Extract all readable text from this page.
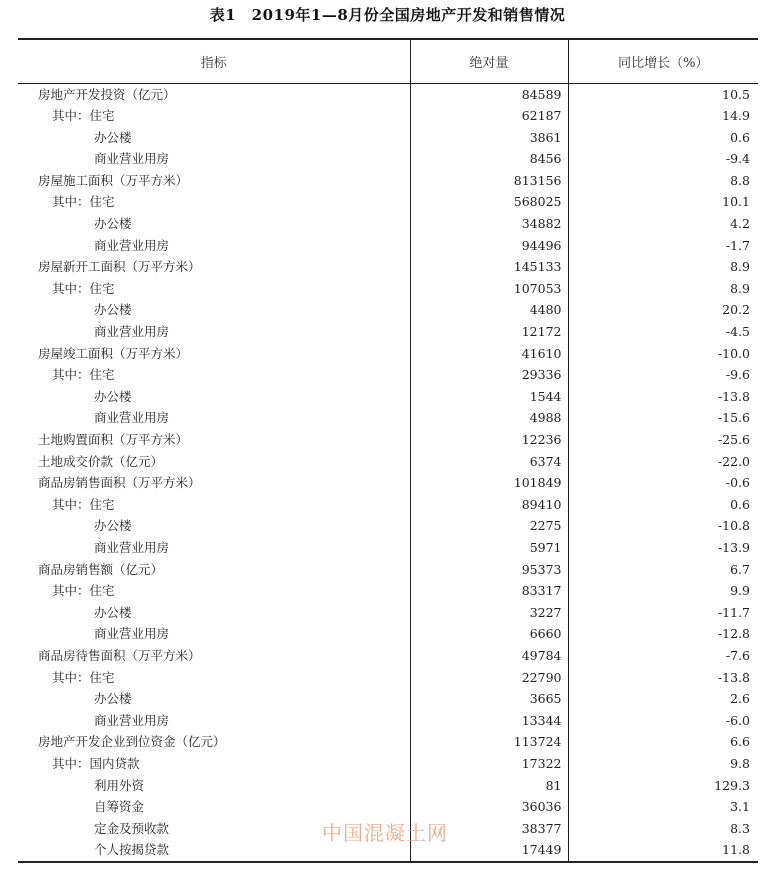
表1　2019年1—8月份全国房地产开发和销售情况
指标	绝对量	同比增长（%）
房地产开发投资（亿元）	84589	10.5
其中：住宅	62187	14.9
办公楼	3861	0.6
商业营业用房	8456	-9.4
房屋施工面积（万平方米）	813156	8.8
其中：住宅	568025	10.1
办公楼	34882	4.2
商业营业用房	94496	-1.7
房屋新开工面积（万平方米）	145133	8.9
其中：住宅	107053	8.9
办公楼	4480	20.2
商业营业用房	12172	-4.5
房屋竣工面积（万平方米）	41610	-10.0
其中：住宅	29336	-9.6
办公楼	1544	-13.8
商业营业用房	4988	-15.6
土地购置面积（万平方米）	12236	-25.6
土地成交价款（亿元）	6374	-22.0
商品房销售面积（万平方米）	101849	-0.6
其中：住宅	89410	0.6
办公楼	2275	-10.8
商业营业用房	5971	-13.9
商品房销售额（亿元）	95373	6.7
其中：住宅	83317	9.9
办公楼	3227	-11.7
商业营业用房	6660	-12.8
商品房待售面积（万平方米）	49784	-7.6
其中：住宅	22790	-13.8
办公楼	3665	2.6
商业营业用房	13344	-6.0
房地产开发企业到位资金（亿元）	113724	6.6
其中：国内贷款	17322	9.8
利用外资	81	129.3
自筹资金	36036	3.1
定金及预收款	38377	8.3
个人按揭贷款	17449	11.8

中国混凝土网
